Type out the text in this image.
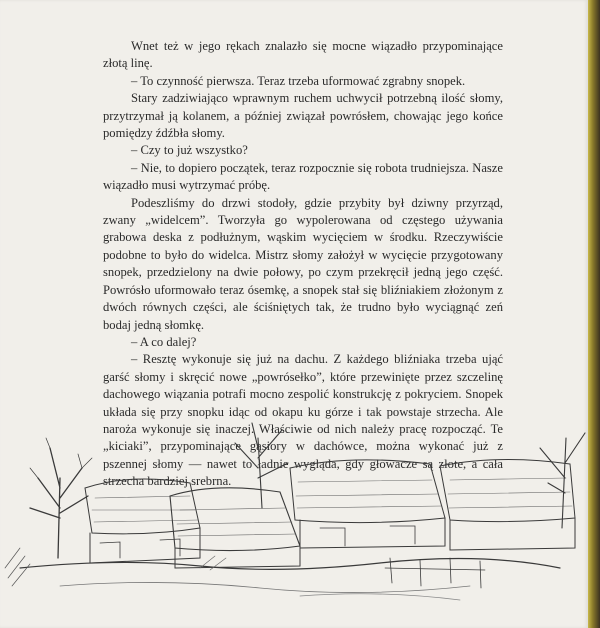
Wnet też w jego rękach znalazło się mocne wiązadło przypominające złotą linę.

– To czynność pierwsza. Teraz trzeba uformować zgrabny snopek.

Stary zadziwiająco wprawnym ruchem uchwycił potrzebną ilość słomy, przytrzymał ją kolanem, a później związał powrósłem, chowając jego końce pomiędzy źdźbła słomy.

– Czy to już wszystko?

– Nie, to dopiero początek, teraz rozpocznie się robota trudniejsza. Nasze wiązadło musi wytrzymać próbę.

Podeszliśmy do drzwi stodoły, gdzie przybity był dziwny przyrząd, zwany „widelcem”. Tworzyła go wypolerowana od częstego używania grabowa deska z podłużnym, wąskim wycięciem w środku. Rzeczywiście podobne to było do widelca. Mistrz słomy założył w wycięcie przygotowany snopek, przedzielony na dwie połowy, po czym przekręcił jedną jego część. Powrósło uformowało teraz ósemkę, a snopek stał się bliźniakiem złożonym z dwóch równych części, ale ściśniętych tak, że trudno było wyciągnąć zeń bodaj jedną słomkę.

– A co dalej?

– Resztę wykonuje się już na dachu. Z każdego bliźniaka trzeba ująć garść słomy i skręcić nowe „powrósełko”, które przewinięte przez szczelinę dachowego wiązania potrafi mocno zespolić konstrukcję z pokryciem. Snopek układa się przy snopku idąc od okapu ku górze i tak powstaje strzecha. Ale naroża wykonuje się inaczej. Właściwie od nich należy pracę rozpocząć. Te „kiciaki”, przypominające gąsiory w dachówce, można wykonać już z pszennej słomy — nawet to ładnie wygląda, gdy głowacze są złote, a cała strzecha bardziej srebrna.
